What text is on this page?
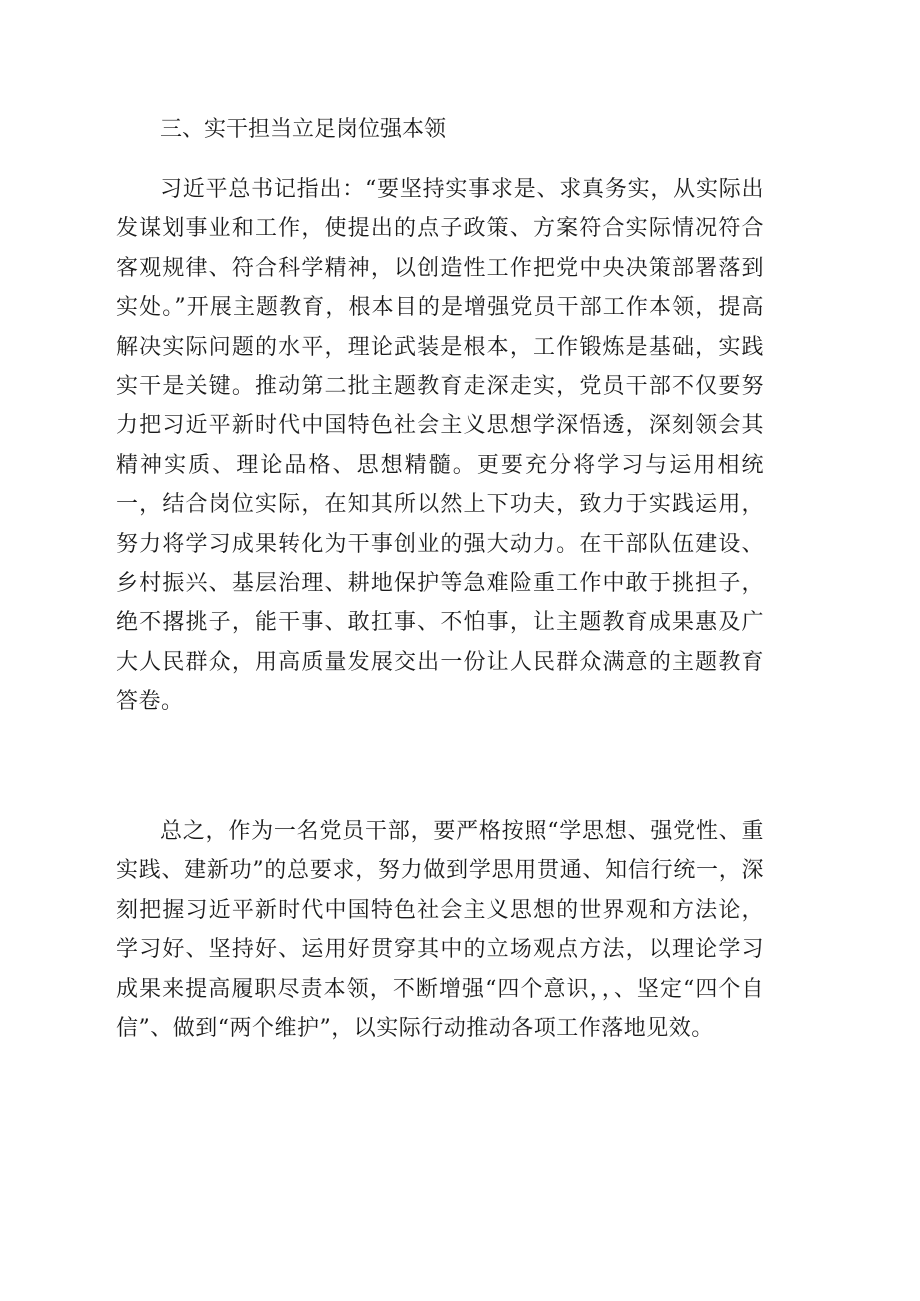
三、实干担当立足岗位强本领

习近平总书记指出：“要坚持实事求是、求真务实，从实际出发谋划事业和工作，使提出的点子政策、方案符合实际情况符合客观规律、符合科学精神，以创造性工作把党中央决策部署落到实处。”开展主题教育，根本目的是增强党员干部工作本领，提高解决实际问题的水平，理论武装是根本，工作锻炼是基础，实践实干是关键。推动第二批主题教育走深走实，党员干部不仅要努力把习近平新时代中国特色社会主义思想学深悟透，深刻领会其精神实质、理论品格、思想精髓。更要充分将学习与运用相统一，结合岗位实际，在知其所以然上下功夫，致力于实践运用，努力将学习成果转化为干事创业的强大动力。在干部队伍建设、乡村振兴、基层治理、耕地保护等急难险重工作中敢于挑担子，绝不撂挑子，能干事、敢扛事、不怕事，让主题教育成果惠及广大人民群众，用高质量发展交出一份让人民群众满意的主题教育答卷。

总之，作为一名党员干部，要严格按照“学思想、强党性、重实践、建新功”的总要求，努力做到学思用贯通、知信行统一，深刻把握习近平新时代中国特色社会主义思想的世界观和方法论，学习好、坚持好、运用好贯穿其中的立场观点方法，以理论学习成果来提高履职尽责本领，不断增强“四个意识，，、坚定“四个自信”、做到“两个维护”，以实际行动推动各项工作落地见效。
